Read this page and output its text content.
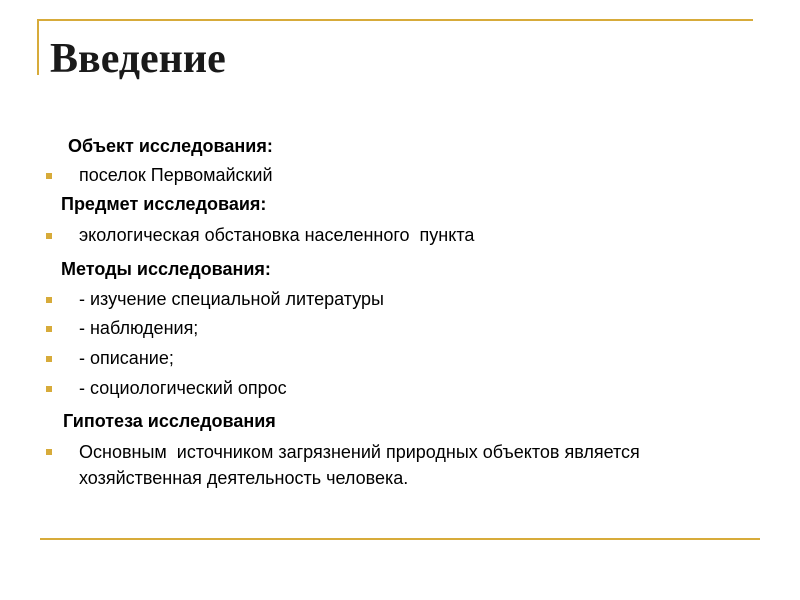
Введение
Объект исследования:
поселок Первомайский
Предмет исследоваия:
экологическая обстановка населенного  пункта
Методы исследования:
- изучение специальной литературы
- наблюдения;
- описание;
- социологический опрос
Гипотеза исследования
Основным  источником загрязнений природных объектов является хозяйственная деятельность человека.
